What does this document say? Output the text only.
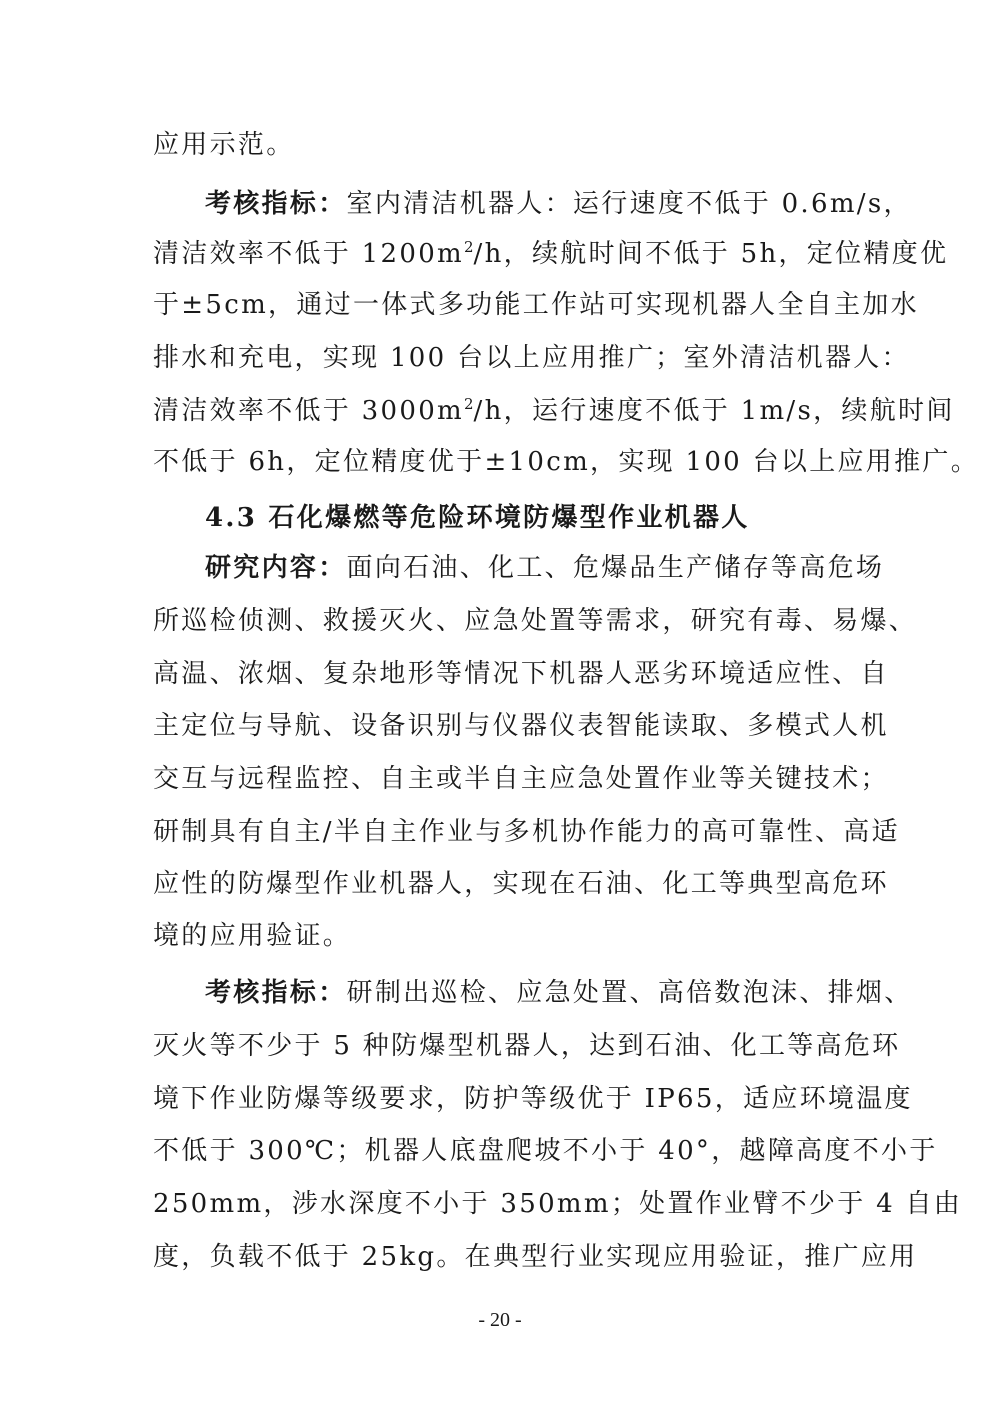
应用示范。
考核指标：室内清洁机器人：运行速度不低于 0.6m/s，
清洁效率不低于 $1200m^2/h$，续航时间不低于 5h，定位精度优
于±5cm，通过一体式多功能工作站可实现机器人全自主加水
排水和充电，实现 100 台以上应用推广；室外清洁机器人：
清洁效率不低于 $3000m^2/h$，运行速度不低于 1m/s，续航时间
不低于 6h，定位精度优于±10cm，实现 100 台以上应用推广。
4.3 石化爆燃等危险环境防爆型作业机器人
研究内容：面向石油、化工、危爆品生产储存等高危场
所巡检侦测、救援灭火、应急处置等需求，研究有毒、易爆、
高温、浓烟、复杂地形等情况下机器人恶劣环境适应性、自
主定位与导航、设备识别与仪器仪表智能读取、多模式人机
交互与远程监控、自主或半自主应急处置作业等关键技术；
研制具有自主/半自主作业与多机协作能力的高可靠性、高适
应性的防爆型作业机器人，实现在石油、化工等典型高危环
境的应用验证。
考核指标：研制出巡检、应急处置、高倍数泡沫、排烟、
灭火等不少于 5 种防爆型机器人，达到石油、化工等高危环
境下作业防爆等级要求，防护等级优于 IP65，适应环境温度
不低于 300℃；机器人底盘爬坡不小于 40°，越障高度不小于
250mm，涉水深度不小于 350mm；处置作业臂不少于 4 自由
度，负载不低于 25kg。在典型行业实现应用验证，推广应用
- 20 -
